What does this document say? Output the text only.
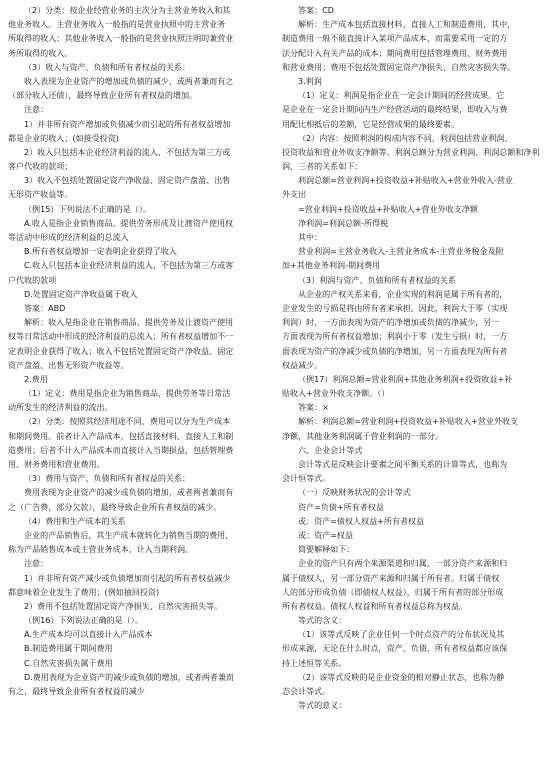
（2）分类：按企业经营业务的主次分为主营业务收入和其
他业务收入。主营业务收入一般指的是营业执照中的主营业务
所取得的收入；其他业务收入一般指的是营业执照注明的兼营业
务所取得的收入。
（3）收入与资产、负债和所有者权益的关系：
收入表现为企业资产的增加或负债的减少，或两者兼而有之
（部分收入还债），最终导致企业所有者权益的增加。
注意：
1）并非所有资产增加或负债减少而引起的所有者权益增加
都是企业的收入；(如接受投资)
2）收入只包括本企业经济利益的流入，不包括为第三方或
客户代收的款项；
3）收入不包括处置固定资产净收益、固定资产盘盈、出售
无形资产收益等。
（例15）下列说法不正确的是（）。
A.收入是指企业销售商品、提供劳务形成及让渡资产使用权
等活动中形成的经济利益的总流入
B.所有者权益增加一定表明企业获得了收入
C.收入只包括本企业经济利益的流入，不包括为第三方或客
户代收的款项
D.处置固定资产净收益属于收入
答案：ABD
解析：收入是指企业在销售商品、提供劳务及让渡资产使用
权等日常活动中形成的经济利益的总流入；所有者权益增加不一
定表明企业获得了收入；收入不包括处置固定资产净收益、固定
资产盘盈、出售无形资产收益等。
2.费用
（1）定义：费用是指企业为销售商品、提供劳务等日常活
动所发生的经济利益的流出。
（2）分类：按照其经济用途不同，费用可以分为生产成本
和期间费用。前者计入产品成本，包括直接材料、直接人工和制
造费用；后者不计入产品成本而直接计入当期损益，包括管理费
用、财务费用和营业费用。
（3）费用与资产、负债和所有者权益的关系：
费用表现为企业资产的减少或负债的增加，或者两者兼而有
之（广告费，部分欠款），最终导致企业所有者权益的减少。
（4）费用和生产成本的关系
企业的产品销售后，其生产成本就转化为销售当期的费用，
称为产品销售成本或主营业务成本，计入当期利润。
注意：
1）并非所有资产减少或负债增加而引起的所有者权益减少
都意味着企业发生了费用；(例如抽回投资)
2）费用不包括处置固定资产净损失、自然灾害损失等。
（例16）下列说法正确的是（）。
A.生产成本均可以直接计入产品成本
B.制造费用属于期间费用
C.自然灾害损失属于费用
D.费用表现为企业资产的减少或负债的增加，或者两者兼而
有之，最终导致企业所有者权益的减少
答案：CD
解析：生产成本包括直接材料、直接人工和制造费用，其中，
制造费用一般不能直接计入某项产品成本，而需要采用一定的方
法分配计入有关产品的成本；期间费用包括管理费用、财务费用
和营业费用；费用不包括处置固定资产净损失、自然灾害损失等。
3.利润
（1）定义：利润是指企业在一定会计期间的经营成果。它
是企业在一定会计期间内生产经营活动的最终结果，即收入与费
用配比相抵后的差额，它是经营成果的最终要素。
（2）内容：按照利润的构成内容不同，利润包括营业利润、
投资收益和营业外收支净额等。利润总额分为营业利润、利润总额和净利
润，三者的关系如下：
利润总额=营业利润+投资收益+补贴收入+营业外收入-营业
外支出
=营业利润+投资收益+补贴收入+营业外收支净额
净利润=利润总额-所得税
其中：
营业利润=主营业务收入-主营业务成本-主营业务税金及附
加+其他业务利润-期间费用
（3）利润与资产、负债和所有者权益的关系
从企业的产权关系来看，企业实现的利润是属于所有者的，
企业发生的亏损是将由所有者来承担。因此，利润大于零（实现
利润）时，一方面表现为资产的净增加或负债的净减少，另一
方面表现为所有者权益增加；利润小于零（发生亏损）时，一方
面表现为资产的净减少或负债的净增加，另一方面表现为所有者
权益减少。
（例17）利润总额=营业利润+其他业务利润+投资收益+补
贴收入+营业外收支净额。（）
答案：×
解析：利润总额=营业利润+投资收益+补贴收入+营业外收支
净额，其他业务利润属于营业利润的一部分。
六、企业会计等式
会计等式是反映会计要素之间平衡关系的计算等式，也称为
会计恒等式。
（一）反映财务状况的会计等式
资产=负债+所有者权益
或：资产=债权人权益+所有者权益
或：资产=权益
简要解释如下：
企业的资产只有两个来源渠道和归属，一部分资产来源和归
属于债权人，另一部分资产来源和归属于所有者。归属于债权
人的部分形成负债（即债权人权益），归属于所有者的部分形成
所有者权益。债权人权益和所有者权益总称为权益。
等式的含义：
（1）该等式反映了企业任何一个时点资产的分布状况及其
形成来源，无论在什么时点，资产、负债、所有者权益都应该保
持上述恒等关系。
（2）该等式反映的是企业资金的相对静止状态，也称为静
态会计等式。
等式的意义：
